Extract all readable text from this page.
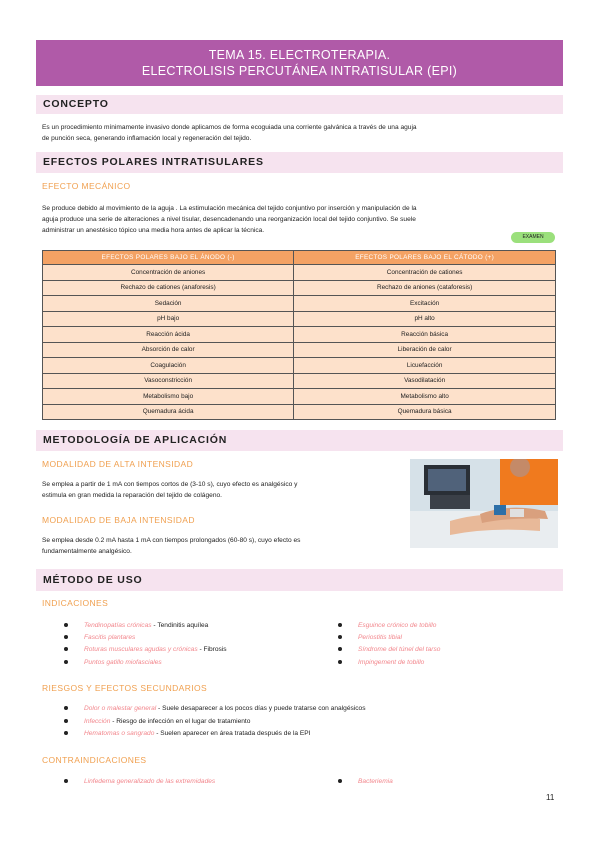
TEMA 15. ELECTROTERAPIA.
ELECTROLISIS PERCUTÁNEA INTRATISULAR (EPI)
CONCEPTO
Es un procedimiento mínimamente invasivo donde aplicamos de forma ecoguiada una corriente galvánica a través de una aguja
de punción seca, generando inflamación local y regeneración del tejido.
EFECTOS POLARES INTRATISULARES
EFECTO MECÁNICO
Se produce debido al movimiento de la aguja . La estimulación mecánica del tejido conjuntivo por inserción y manipulación de la
aguja produce una serie de alteraciones a nivel tisular, desencadenando una reorganización local del tejido conjuntivo. Se suele
administrar un anestésico tópico una media hora antes de aplicar la técnica.
EXAMEN
EFECTOS POLARES BAJO EL ÁNODO (-)	EFECTOS POLARES BAJO EL CÁTODO (+)
Concentración de aniones	Concentración de cationes
Rechazo de cationes (anaforesis)	Rechazo de aniones (cataforesis)
Sedación	Excitación
pH bajo	pH alto
Reacción ácida	Reacción básica
Absorción de calor	Liberación de calor
Coagulación	Licuefacción
Vasoconstricción	Vasodilatación
Metabolismo bajo	Metabolismo alto
Quemadura ácida	Quemadura básica
METODOLOGÍA DE APLICACIÓN
MODALIDAD DE ALTA INTENSIDAD
Se emplea a partir de 1 mA con tiempos cortos de (3-10 s), cuyo efecto es analgésico y
estimula en gran medida la reparación del tejido de colágeno.
MODALIDAD DE BAJA INTENSIDAD
Se emplea desde 0.2 mA hasta 1 mA con tiempos prolongados (60-80 s), cuyo efecto es
fundamentalmente analgésico.
MÉTODO DE USO
INDICACIONES
Tendinopatías crónicas - Tendinitis aquílea
Fascitis plantares
Roturas musculares agudas y crónicas - Fibrosis
Puntos gatillo miofasciales
Esguince crónico de tobillo
Periostitis tibial
Síndrome del túnel del tarso
Impingement de tobillo
RIESGOS Y EFECTOS SECUNDARIOS
Dolor o malestar general - Suele desaparecer a los pocos días y puede tratarse con analgésicos
Infección - Riesgo de infección en el lugar de tratamiento
Hematomas o sangrado - Suelen aparecer en área tratada después de la EPI
CONTRAINDICACIONES
Linfedema generalizado de las extremidades	Bacteriemia
11
